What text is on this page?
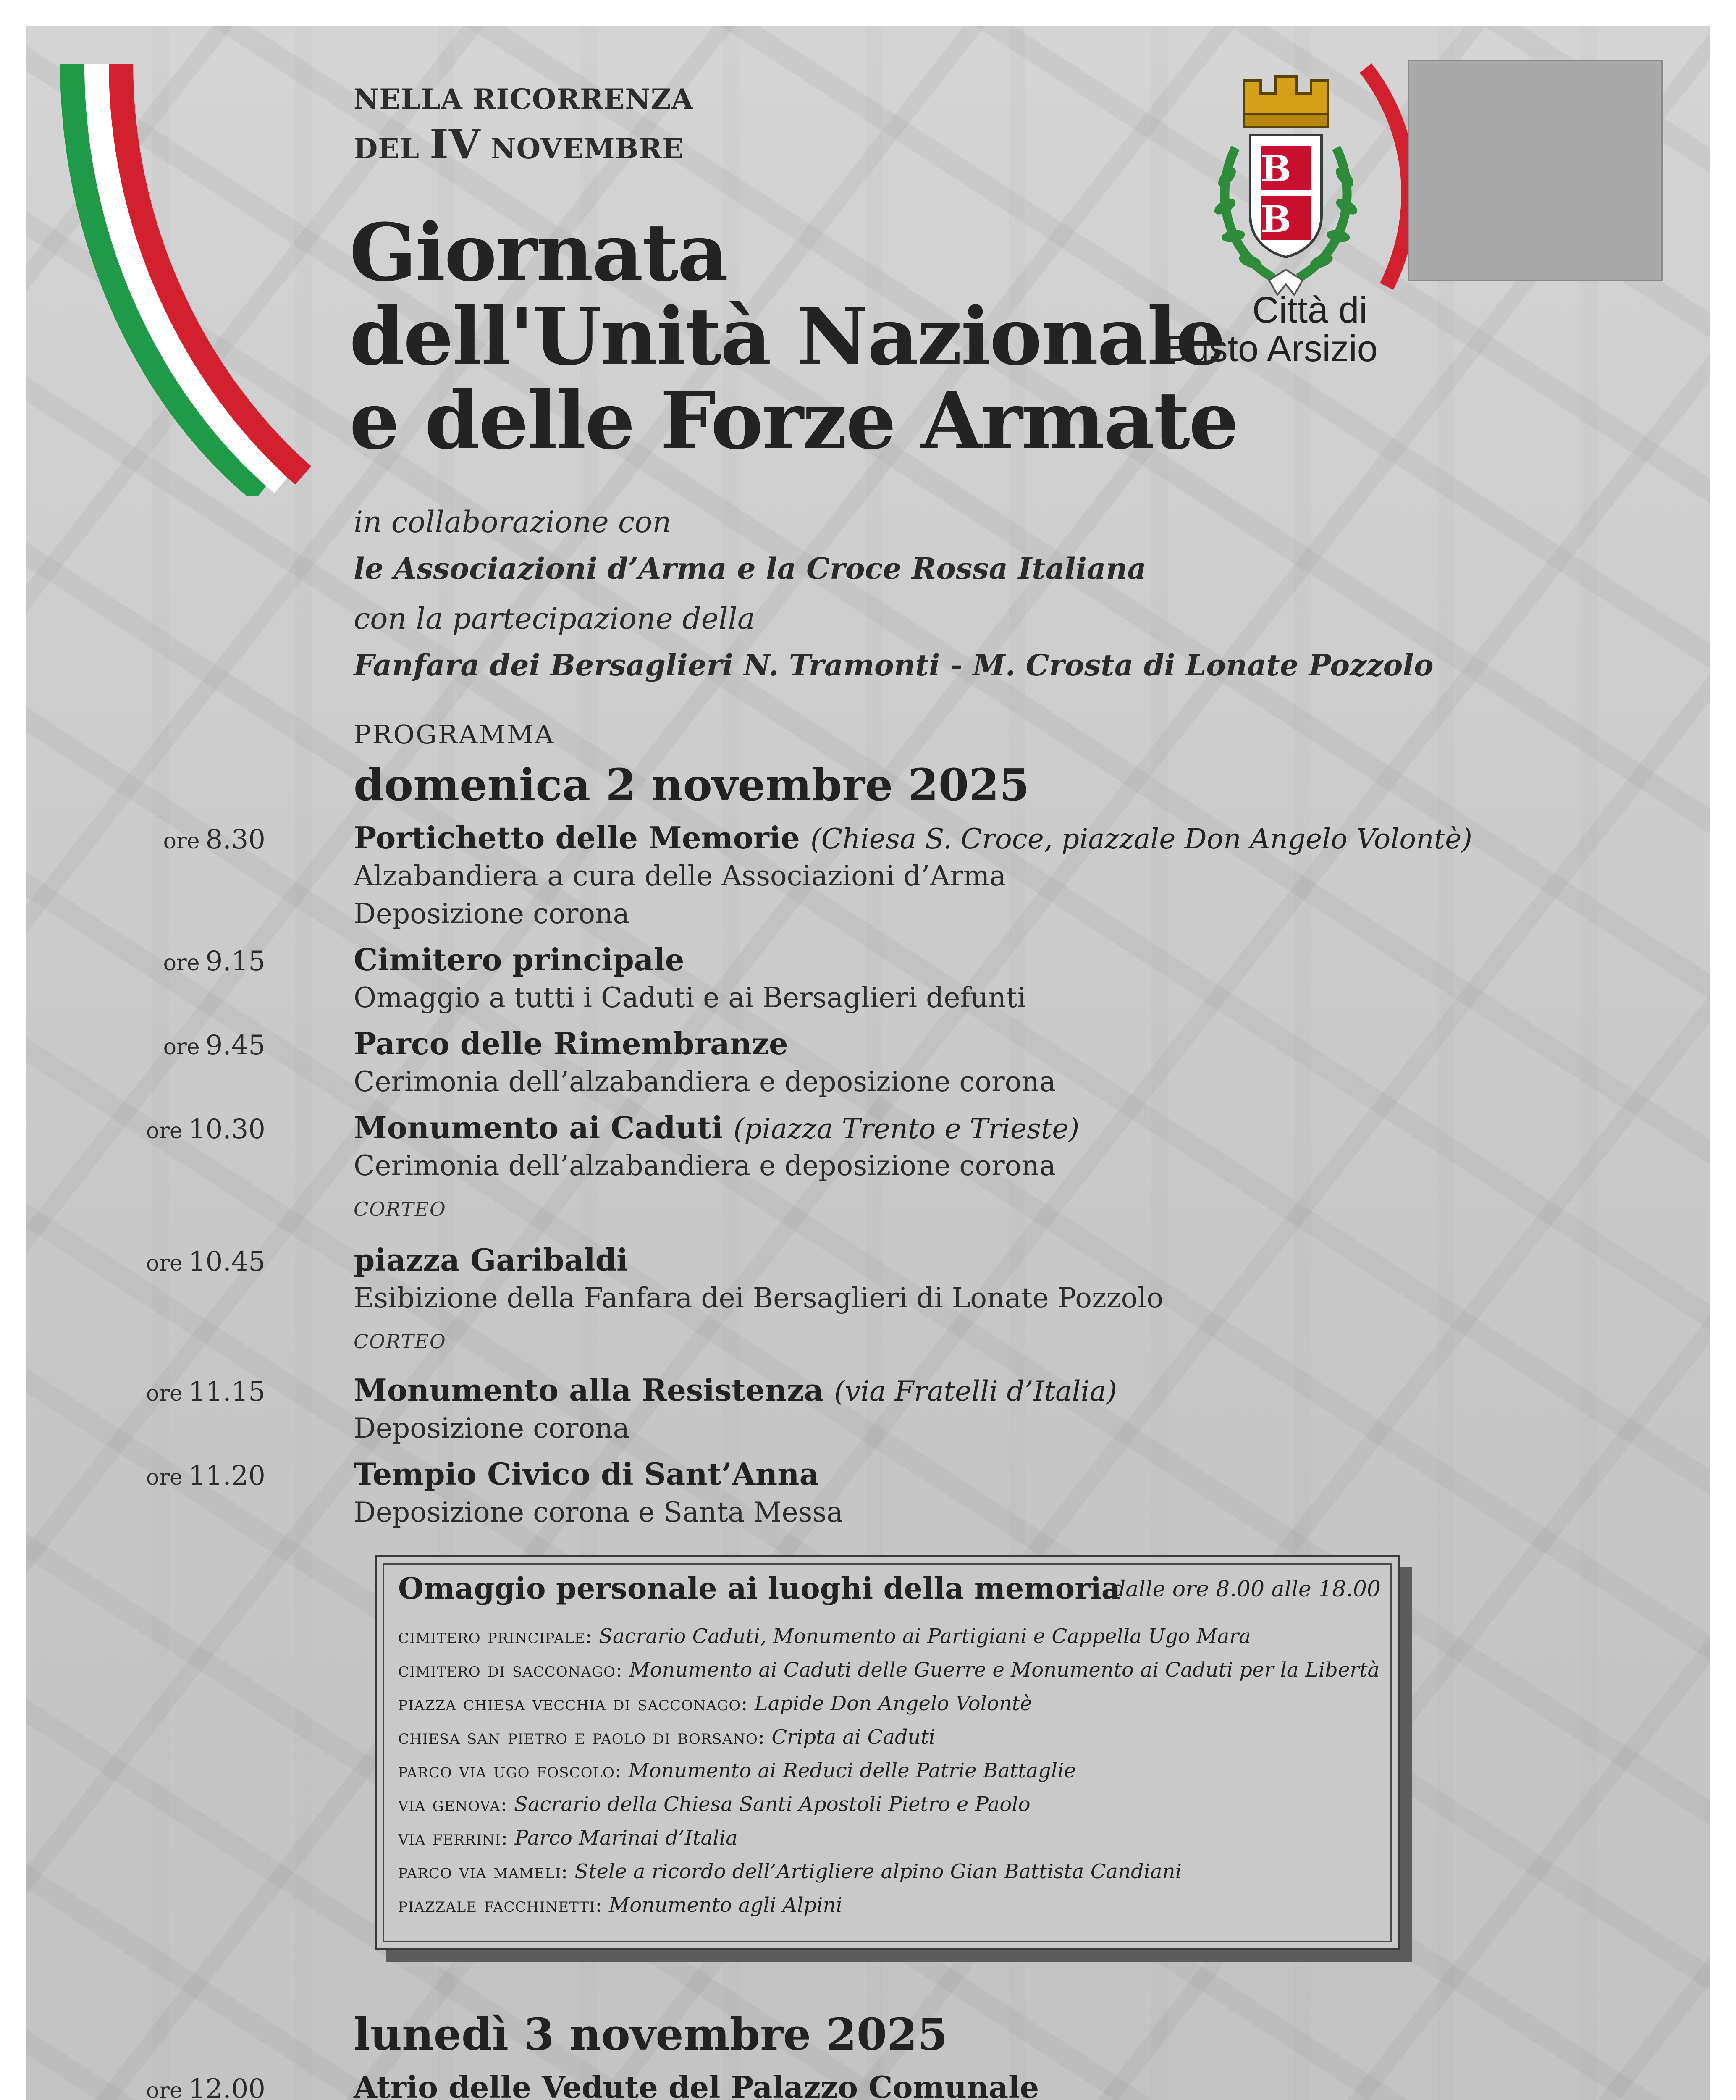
B
B
Città di
Busto Arsizio
NELLA RICORRENZA
DEL IV NOVEMBRE
Giornata
dell'Unità Nazionale
e delle Forze Armate
in collaborazione con
le Associazioni d’Arma e la Croce Rossa Italiana
con la partecipazione della
Fanfara dei Bersaglieri N. Tramonti - M. Crosta di Lonate Pozzolo
PROGRAMMA
domenica 2 novembre 2025
ore 8.30	Portichetto delle Memorie (Chiesa S. Croce, piazzale Don Angelo Volontè)
Alzabandiera a cura delle Associazioni d’Arma
Deposizione corona
ore 9.15	Cimitero principale
Omaggio a tutti i Caduti e ai Bersaglieri defunti
ore 9.45	Parco delle Rimembranze
Cerimonia dell’alzabandiera e deposizione corona
ore 10.30	Monumento ai Caduti (piazza Trento e Trieste)
Cerimonia dell’alzabandiera e deposizione corona
CORTEO
ore 10.45	piazza Garibaldi
Esibizione della Fanfara dei Bersaglieri di Lonate Pozzolo
CORTEO
ore 11.15	Monumento alla Resistenza (via Fratelli d’Italia)
Deposizione corona
ore 11.20	Tempio Civico di Sant’Anna
Deposizione corona e Santa Messa
Omaggio personale ai luoghi della memoria
dalle ore 8.00 alle 18.00
cimitero principale: Sacrario Caduti, Monumento ai Partigiani e Cappella Ugo Mara
cimitero di sacconago: Monumento ai Caduti delle Guerre e Monumento ai Caduti per la Libertà
piazza chiesa vecchia di sacconago: Lapide Don Angelo Volontè
chiesa san pietro e paolo di borsano: Cripta ai Caduti
parco via ugo foscolo: Monumento ai Reduci delle Patrie Battaglie
via genova: Sacrario della Chiesa Santi Apostoli Pietro e Paolo
via ferrini: Parco Marinai d’Italia
parco via mameli: Stele a ricordo dell’Artigliere alpino Gian Battista Candiani
piazzale facchinetti: Monumento agli Alpini
lunedì 3 novembre 2025
ore 12.00	Atrio delle Vedute del Palazzo Comunale
